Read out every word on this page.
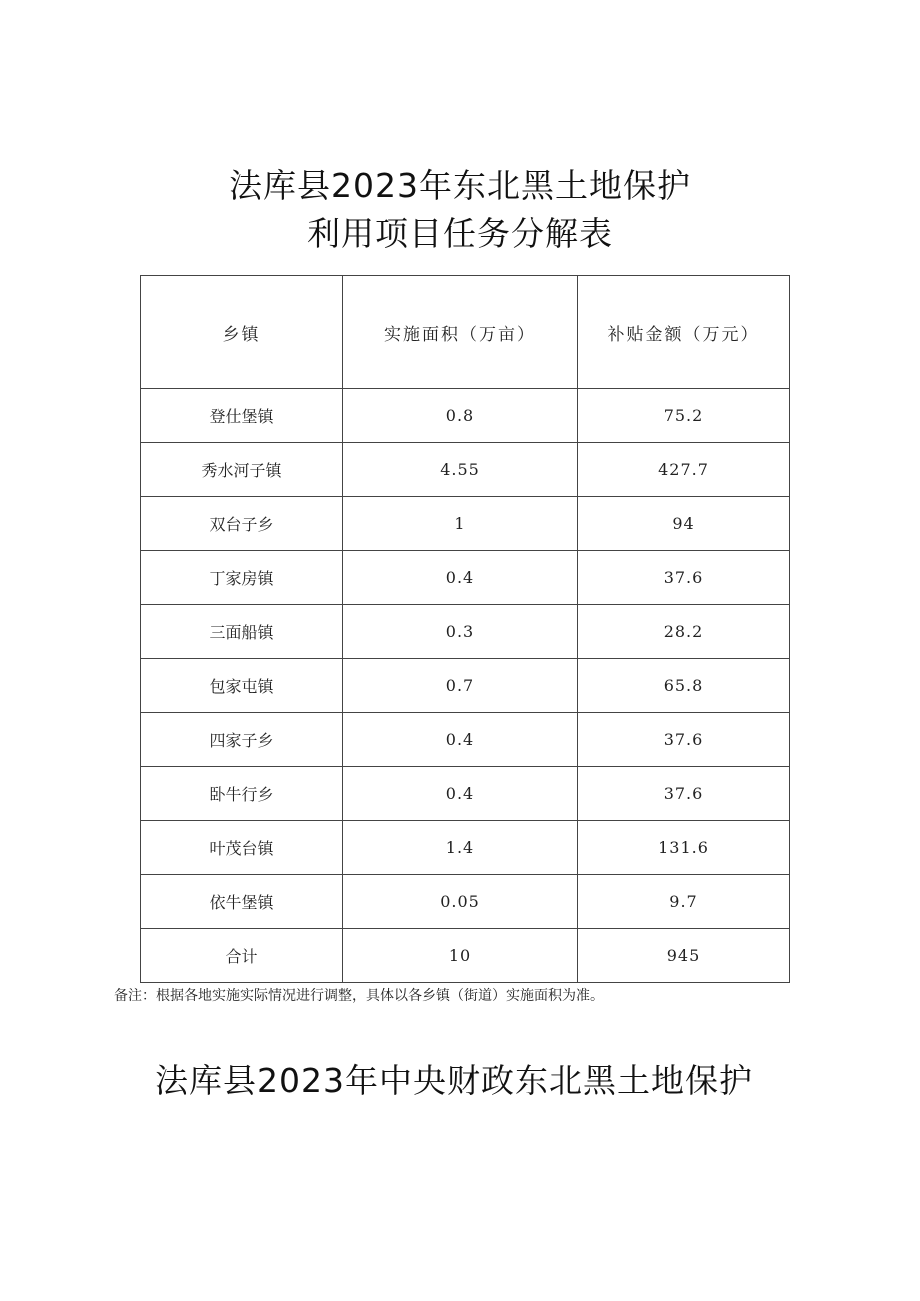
法库县2023年东北黑土地保护
利用项目任务分解表
乡镇	实施面积（万亩）	补贴金额（万元）
登仕堡镇	0.8	75.2
秀水河子镇	4.55	427.7
双台子乡	1	94
丁家房镇	0.4	37.6
三面船镇	0.3	28.2
包家屯镇	0.7	65.8
四家子乡	0.4	37.6
卧牛行乡	0.4	37.6
叶茂台镇	1.4	131.6
依牛堡镇	0.05	9.7
合计	10	945
备注：根据各地实施实际情况进行调整，具体以各乡镇（街道）实施面积为准。
法库县2023年中央财政东北黑土地保护
